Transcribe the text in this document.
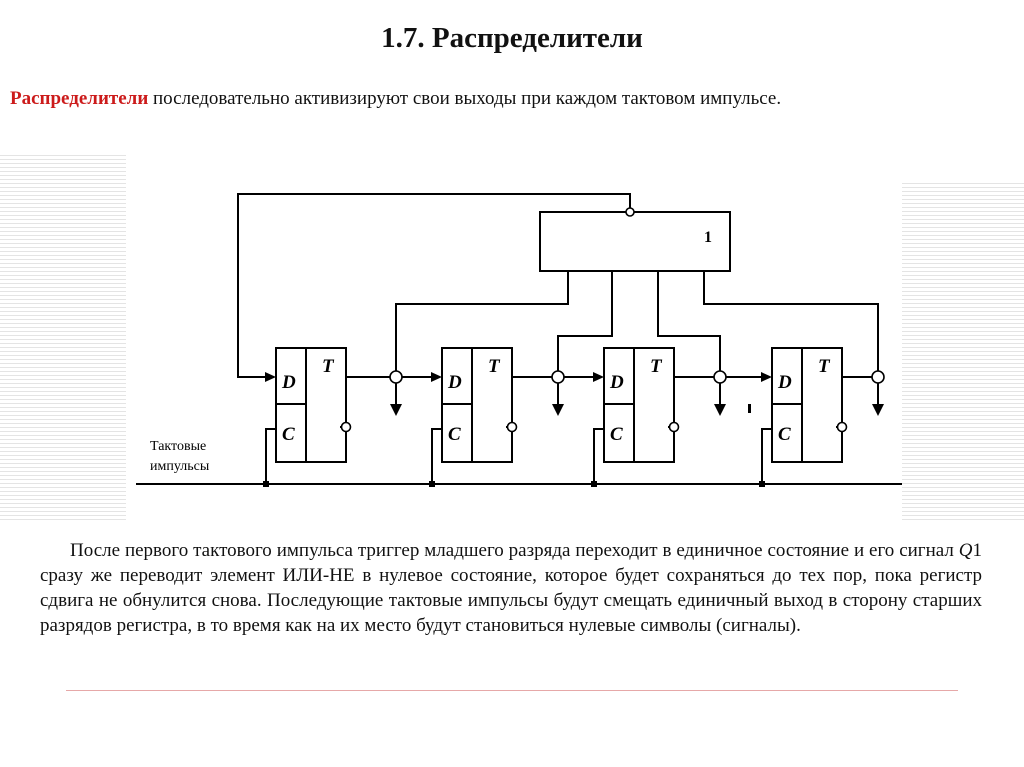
1.7. Распределители
Распределители последовательно активизируют свои выходы при каждом тактовом импульсе.
1
D
T
C
D
T
C
D
T
C
D
T
C
Тактовые
импульсы
После первого тактового импульса триггер младшего разряда переходит в единичное состояние и его сигнал Q1 сразу же переводит элемент ИЛИ-НЕ в нулевое состояние, которое будет сохраняться до тех пор, пока регистр сдвига не обнулится снова. Последующие тактовые импульсы будут смещать единичный выход в сторону старших разрядов регистра, в то время как на их место будут становиться нулевые символы (сигналы).
